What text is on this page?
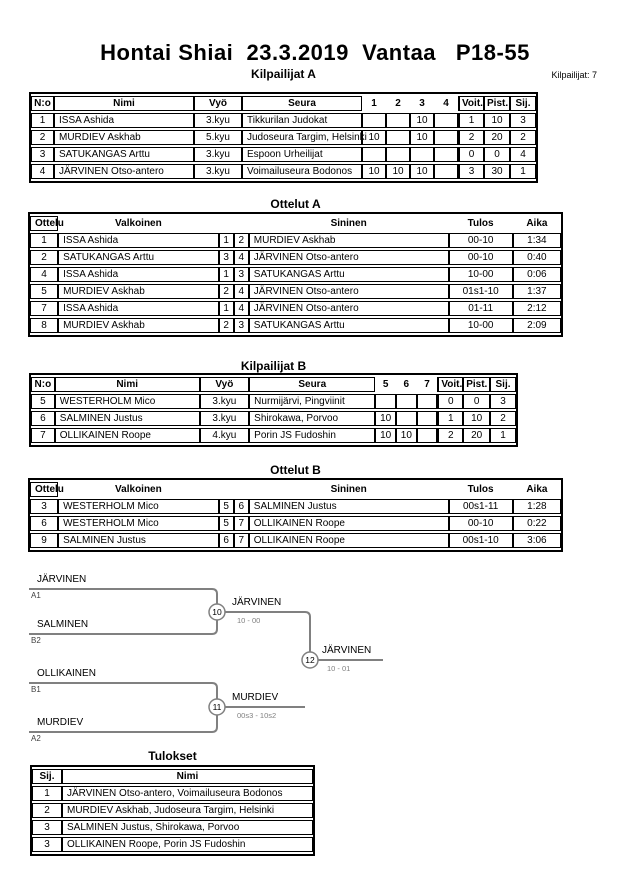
Hontai Shiai  23.3.2019  Vantaa   P18-55
Kilpailijat A	Kilpailijat: 7
N:o	Nimi	Vyö	Seura	1	2	3	4	Voit.	Pist.	Sij.
1	ISSA Ashida	3.kyu	Tikkurilan Judokat			10		1	10	3
2	MURDIEV Askhab	5.kyu	Judoseura Targim, Helsinki	10		10		2	20	2
3	SATUKANGAS Arttu	3.kyu	Espoon Urheilijat					0	0	4
4	JÄRVINEN Otso-antero	3.kyu	Voimailuseura Bodonos	10	10	10		3	30	1
Ottelut A
Ottelu	Valkoinen			Sininen	Tulos	Aika
1	ISSA Ashida	1	2	MURDIEV Askhab	00-10	1:34
2	SATUKANGAS Arttu	3	4	JÄRVINEN Otso-antero	00-10	0:40
4	ISSA Ashida	1	3	SATUKANGAS Arttu	10-00	0:06
5	MURDIEV Askhab	2	4	JÄRVINEN Otso-antero	01s1-10	1:37
7	ISSA Ashida	1	4	JÄRVINEN Otso-antero	01-11	2:12
8	MURDIEV Askhab	2	3	SATUKANGAS Arttu	10-00	2:09
Kilpailijat B
N:o	Nimi	Vyö	Seura	5	6	7	Voit.	Pist.	Sij.
5	WESTERHOLM Mico	3.kyu	Nurmijärvi, Pingviinit				0	0	3
6	SALMINEN Justus	3.kyu	Shirokawa, Porvoo	10			1	10	2
7	OLLIKAINEN Roope	4.kyu	Porin JS Fudoshin	10	10		2	20	1
Ottelut B
Ottelu	Valkoinen			Sininen	Tulos	Aika
3	WESTERHOLM Mico	5	6	SALMINEN Justus	00s1-11	1:28
6	WESTERHOLM Mico	5	7	OLLIKAINEN Roope	00-10	0:22
9	SALMINEN Justus	6	7	OLLIKAINEN Roope	00s1-10	3:06
10
11
12
JÄRVINEN
A1
SALMINEN
B2
JÄRVINEN
10 - 00
JÄRVINEN
10 - 01
OLLIKAINEN
B1
MURDIEV
A2
MURDIEV
00s3 - 10s2
Tulokset
Sij.	Nimi
1	JÄRVINEN Otso-antero, Voimailuseura Bodonos
2	MURDIEV Askhab, Judoseura Targim, Helsinki
3	SALMINEN Justus, Shirokawa, Porvoo
3	OLLIKAINEN Roope, Porin JS Fudoshin
